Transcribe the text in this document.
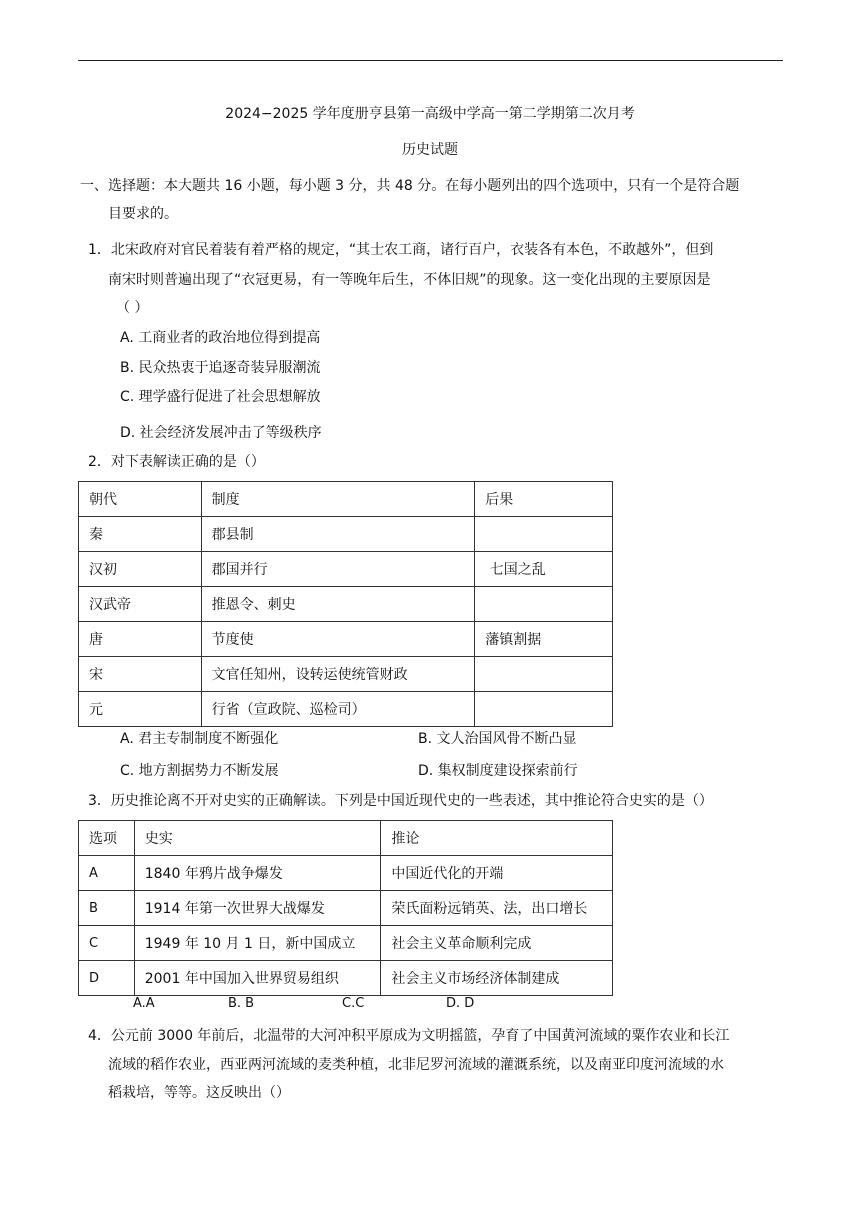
2024−2025 学年度册亨县第一高级中学高一第二学期第二次月考
历史试题
一、选择题：本大题共 16 小题，每小题 3 分，共 48 分。在每小题列出的四个选项中，只有一个是符合题
目要求的。
1．北宋政府对官民着装有着严格的规定，“其士农工商，诸行百户，衣装各有本色，不敢越外”，但到
南宋时则普遍出现了“衣冠更易，有一等晚年后生，不体旧规”的现象。这一变化出现的主要原因是
（ ）
A. 工商业者的政治地位得到提高
B. 民众热衷于追逐奇装异服潮流
C. 理学盛行促进了社会思想解放
D. 社会经济发展冲击了等级秩序
2．对下表解读正确的是（）
朝代	制度	后果
秦	郡县制	
汉初	郡国并行	七国之乱
汉武帝	推恩令、刺史	
唐	节度使	藩镇割据
宋	文官任知州，设转运使统管财政	
元	行省（宣政院、巡检司）	
A. 君主专制制度不断强化	B. 文人治国风骨不断凸显
C. 地方割据势力不断发展	D. 集权制度建设探索前行
3．历史推论离不开对史实的正确解读。下列是中国近现代史的一些表述，其中推论符合史实的是（）
选项	史实	推论
A	1840 年鸦片战争爆发	中国近代化的开端
B	1914 年第一次世界大战爆发	荣氏面粉远销英、法，出口增长
C	1949 年 10 月 1 日，新中国成立	社会主义革命顺利完成
D	2001 年中国加入世界贸易组织	社会主义市场经济体制建成
A.A	B. B	C.C	D. D
4．公元前 3000 年前后，北温带的大河冲积平原成为文明摇篮，孕育了中国黄河流域的粟作农业和长江
流域的稻作农业，西亚两河流域的麦类种植，北非尼罗河流域的灌溉系统，以及南亚印度河流域的水
稻栽培，等等。这反映出（）
